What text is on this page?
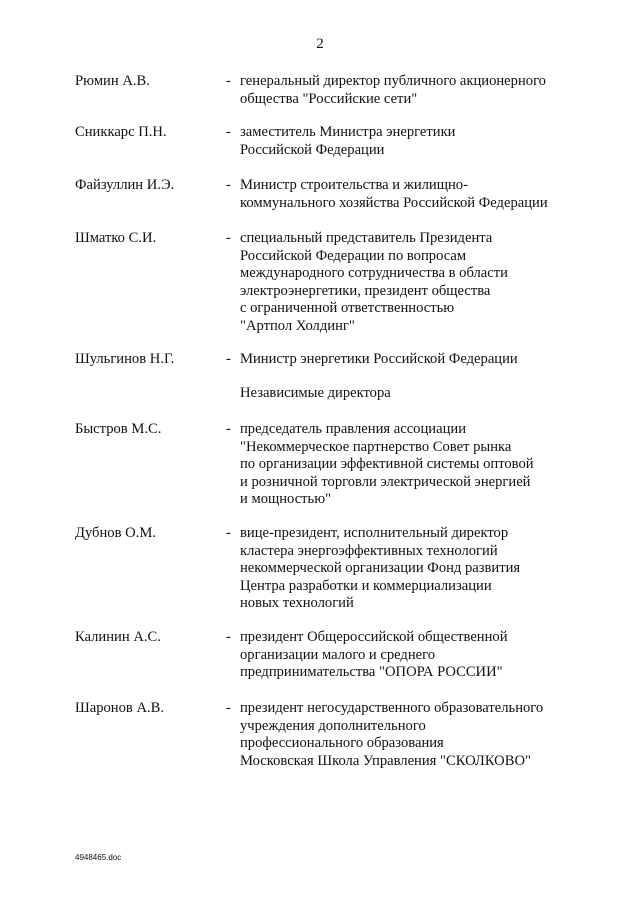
2
Рюмин А.В.	- генеральный директор публичного акционерного
общества "Российские сети"
Сниккарс П.Н.	- заместитель Министра энергетики
Российской Федерации
Файзуллин И.Э.	- Министр строительства и жилищно-
коммунального хозяйства Российской Федерации
Шматко С.И.	- специальный представитель Президента
Российской Федерации по вопросам
международного сотрудничества в области
электроэнергетики, президент общества
с ограниченной ответственностью
"Артпол Холдинг"
Шульгинов Н.Г.	- Министр энергетики Российской Федерации
Независимые директора
Быстров М.С.	- председатель правления ассоциации
"Некоммерческое партнерство Совет рынка
по организации эффективной системы оптовой
и розничной торговли электрической энергией
и мощностью"
Дубнов О.М.	- вице-президент, исполнительный директор
кластера энергоэффективных технологий
некоммерческой организации Фонд развития
Центра разработки и коммерциализации
новых технологий
Калинин А.С.	- президент Общероссийской общественной
организации малого и среднего
предпринимательства "ОПОРА РОССИИ"
Шаронов А.В.	- президент негосударственного образовательного
учреждения дополнительного
профессионального образования
Московская Школа Управления "СКОЛКОВО"
4948465.doc
